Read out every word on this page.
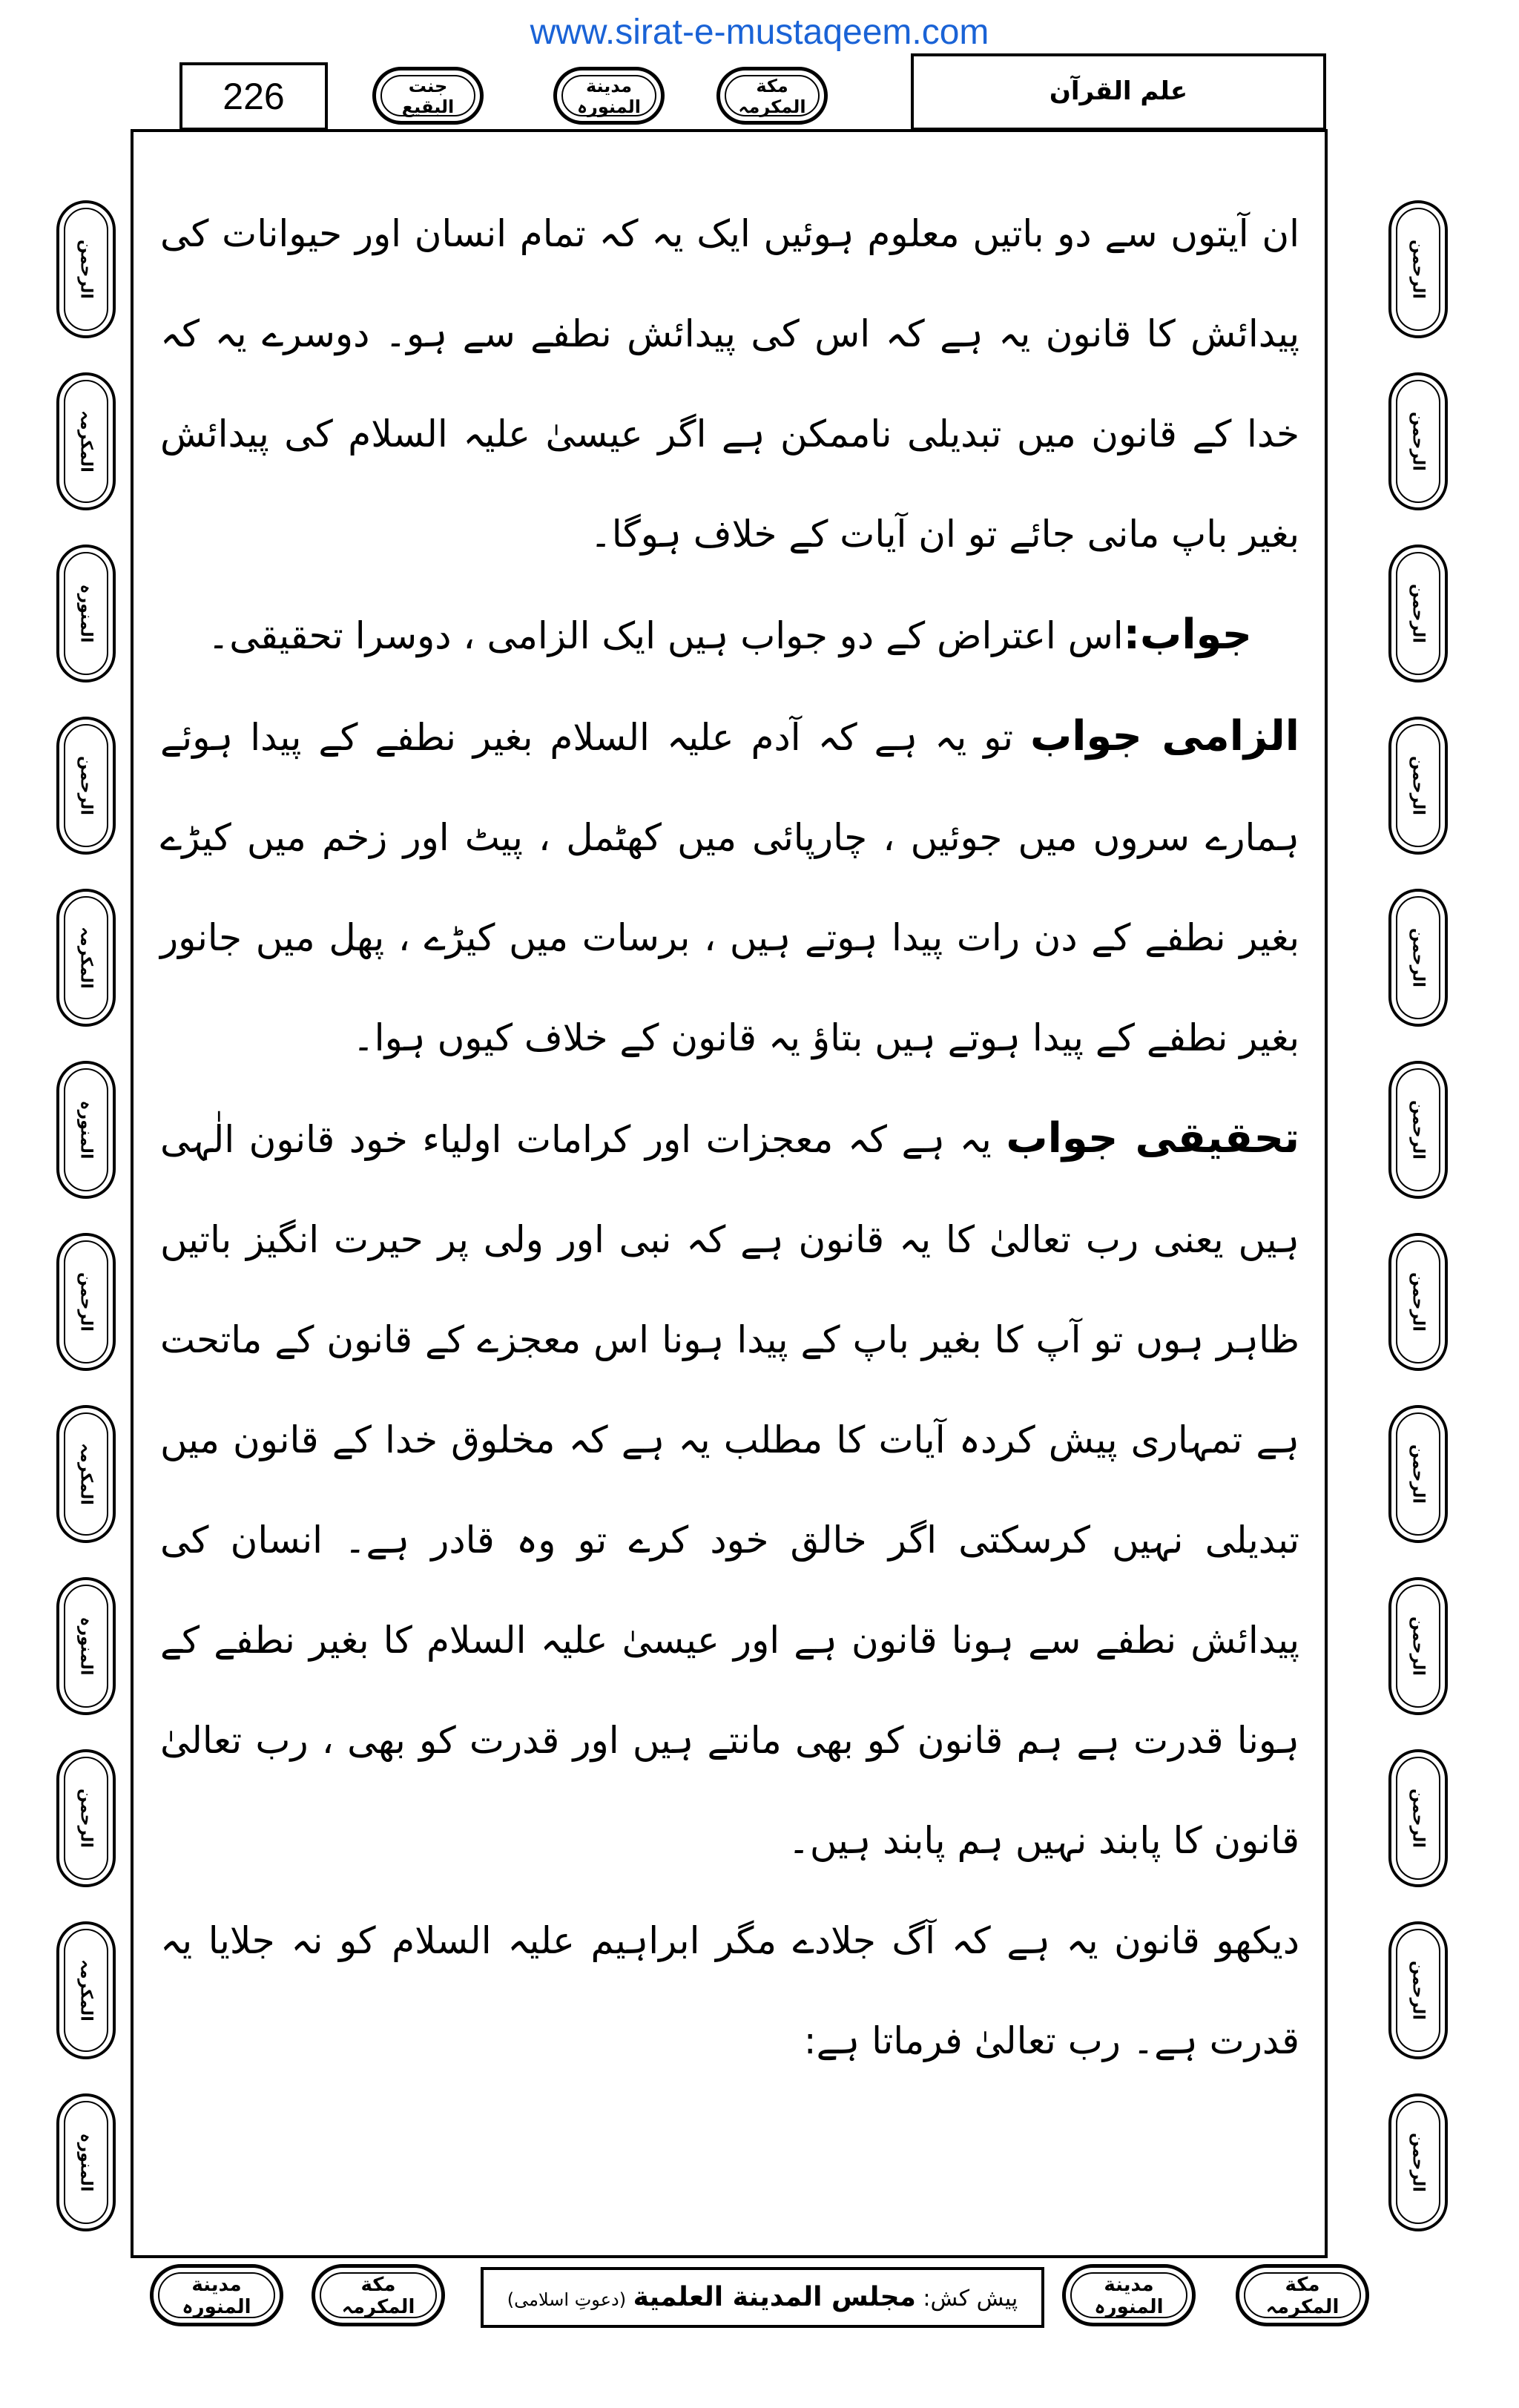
www.sirat-e-mustaqeem.com
226	جنت
البقیع
مدینة
المنورہ
مکة
المکرمہ
علم القرآن
الرحمن
المکرمہ
المنورہ
الرحمن
المکرمہ
المنورہ
الرحمن
المکرمہ
المنورہ
الرحمن
المکرمہ
المنورہ
الرحمن
الرحمن
الرحمن
الرحمن
الرحمن
الرحمن
الرحمن
الرحمن
الرحمن
الرحمن
الرحمن
الرحمن

ان آیتوں سے دو باتیں معلوم ہوئیں ایک یہ کہ تمام انسان اور حیوانات کی پیدائش کا قانون یہ ہے کہ اس کی پیدائش نطفے سے ہو۔ دوسرے یہ کہ خدا کے قانون میں تبدیلی ناممکن ہے اگر عیسیٰ علیہ السلام کی پیدائش بغیر باپ مانی جائے تو ان آیات کے خلاف ہوگا۔

جواب:اس اعتراض کے دو جواب ہیں ایک الزامی ، دوسرا تحقیقی۔

الزامی جواب تو یہ ہے کہ آدم علیہ السلام بغیر نطفے کے پیدا ہوئے ہمارے سروں میں جوئیں ، چارپائی میں کھٹمل ، پیٹ اور زخم میں کیڑے بغیر نطفے کے دن رات پیدا ہوتے ہیں ، برسات میں کیڑے ، پھل میں جانور بغیر نطفے کے پیدا ہوتے ہیں بتاؤ یہ قانون کے خلاف کیوں ہوا۔

تحقیقی جواب یہ ہے کہ معجزات اور کرامات اولیاء خود قانون الٰہی ہیں یعنی رب تعالیٰ کا یہ قانون ہے کہ نبی اور ولی پر حیرت انگیز باتیں ظاہر ہوں تو آپ کا بغیر باپ کے پیدا ہونا اس معجزے کے قانون کے ماتحت ہے تمہاری پیش کردہ آیات کا مطلب یہ ہے کہ مخلوق خدا کے قانون میں تبدیلی نہیں کرسکتی اگر خالق خود کرے تو وہ قادر ہے۔ انسان کی پیدائش نطفے سے ہونا قانون ہے اور عیسیٰ علیہ السلام کا بغیر نطفے کے ہونا قدرت ہے ہم قانون کو بھی مانتے ہیں اور قدرت کو بھی ، رب تعالیٰ قانون کا پابند نہیں ہم پابند ہیں۔

دیکھو قانون یہ ہے کہ آگ جلادے مگر ابراہیم علیہ السلام کو نہ جلایا یہ قدرت ہے۔ رب تعالیٰ فرماتا ہے:

مدینة
المنورہ
مکة
المکرمہ	پیش کش: مجلس المدینة العلمیة (دعوتِ اسلامی)
مدینة
المنورہ
مکة
المکرمہ
